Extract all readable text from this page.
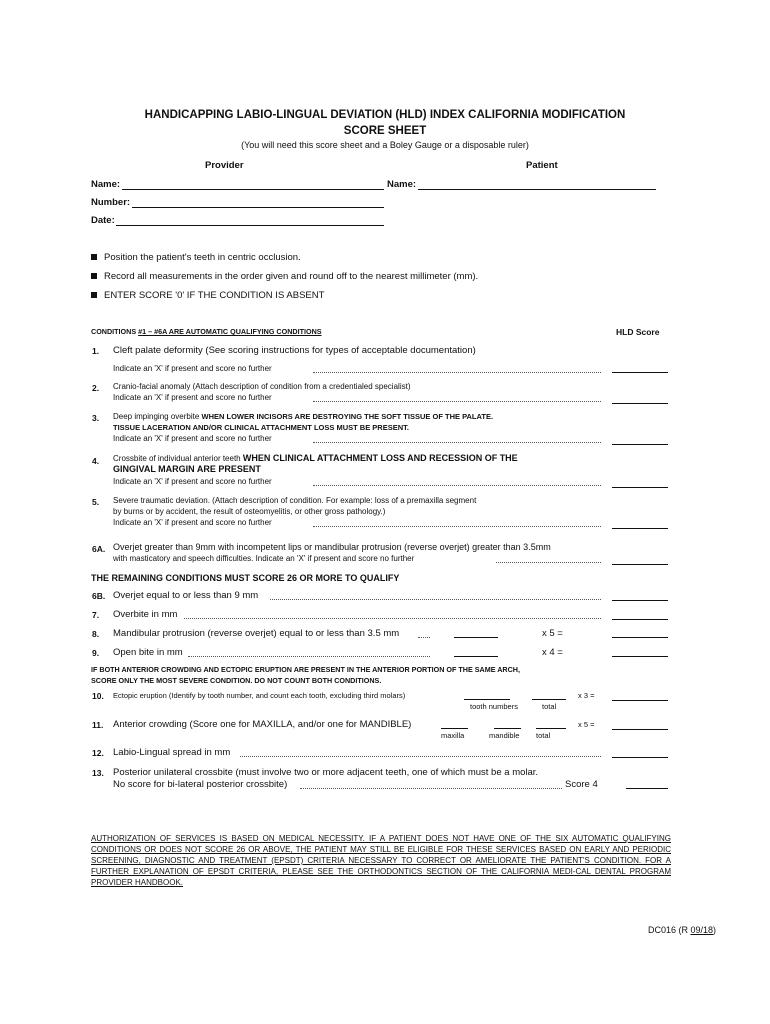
HANDICAPPING LABIO-LINGUAL DEVIATION (HLD) INDEX CALIFORNIA MODIFICATION
SCORE SHEET
(You will need this score sheet and a Boley Gauge or a disposable ruler)
Provider	Patient
Name:	Name:
Number:
Date:
Position the patient's teeth in centric occlusion.
Record all measurements in the order given and round off to the nearest millimeter (mm).
ENTER SCORE '0' IF THE CONDITION IS ABSENT
CONDITIONS #1 – #6A ARE AUTOMATIC QUALIFYING CONDITIONS	HLD Score
1. Cleft palate deformity (See scoring instructions for types of acceptable documentation)
Indicate an 'X' if present and score no further
2. Cranio-facial anomaly (Attach description of condition from a credentialed specialist)
Indicate an 'X' if present and score no further
3. Deep impinging overbite WHEN LOWER INCISORS ARE DESTROYING THE SOFT TISSUE OF THE PALATE.
TISSUE LACERATION AND/OR CLINICAL ATTACHMENT LOSS MUST BE PRESENT.
Indicate an 'X' if present and score no further
4. Crossbite of individual anterior teeth WHEN CLINICAL ATTACHMENT LOSS AND RECESSION OF THE
GINGIVAL MARGIN ARE PRESENT
Indicate an 'X' if present and score no further
5. Severe traumatic deviation. (Attach description of condition. For example: loss of a premaxilla segment
by burns or by accident, the result of osteomyelitis, or other gross pathology.)
Indicate an 'X' if present and score no further
6A. Overjet greater than 9mm with incompetent lips or mandibular protrusion (reverse overjet) greater than 3.5mm
with masticatory and speech difficulties. Indicate an 'X' if present and score no further
THE REMAINING CONDITIONS MUST SCORE 26 OR MORE TO QUALIFY
6B. Overjet equal to or less than 9 mm
7. Overbite in mm
8. Mandibular protrusion (reverse overjet) equal to or less than 3.5 mm	x 5 =
9. Open bite in mm	x 4 =
IF BOTH ANTERIOR CROWDING AND ECTOPIC ERUPTION ARE PRESENT IN THE ANTERIOR PORTION OF THE SAME ARCH,
SCORE ONLY THE MOST SEVERE CONDITION. DO NOT COUNT BOTH CONDITIONS.
10. Ectopic eruption (Identify by tooth number, and count each tooth, excluding third molars)	x 3 =
tooth numbers	total
11. Anterior crowding (Score one for MAXILLA, and/or one for MANDIBLE)	x 5 =
maxilla	mandible total
12. Labio-Lingual spread in mm
13. Posterior unilateral crossbite (must involve two or more adjacent teeth, one of which must be a molar.
No score for bi-lateral posterior crossbite)	Score 4
AUTHORIZATION OF SERVICES IS BASED ON MEDICAL NECESSITY. IF A PATIENT DOES NOT HAVE ONE OF THE SIX AUTOMATIC QUALIFYING CONDITIONS OR DOES NOT SCORE 26 OR ABOVE, THE PATIENT MAY STILL BE ELIGIBLE FOR THESE SERVICES BASED ON EARLY AND PERIODIC SCREENING, DIAGNOSTIC AND TREATMENT (EPSDT) CRITERIA NECESSARY TO CORRECT OR AMELIORATE THE PATIENT'S CONDITION. FOR A FURTHER EXPLANATION OF EPSDT CRITERIA, PLEASE SEE THE ORTHODONTICS SECTION OF THE CALIFORNIA MEDI-CAL DENTAL PROGRAM PROVIDER HANDBOOK.
DC016 (R 09/18)
